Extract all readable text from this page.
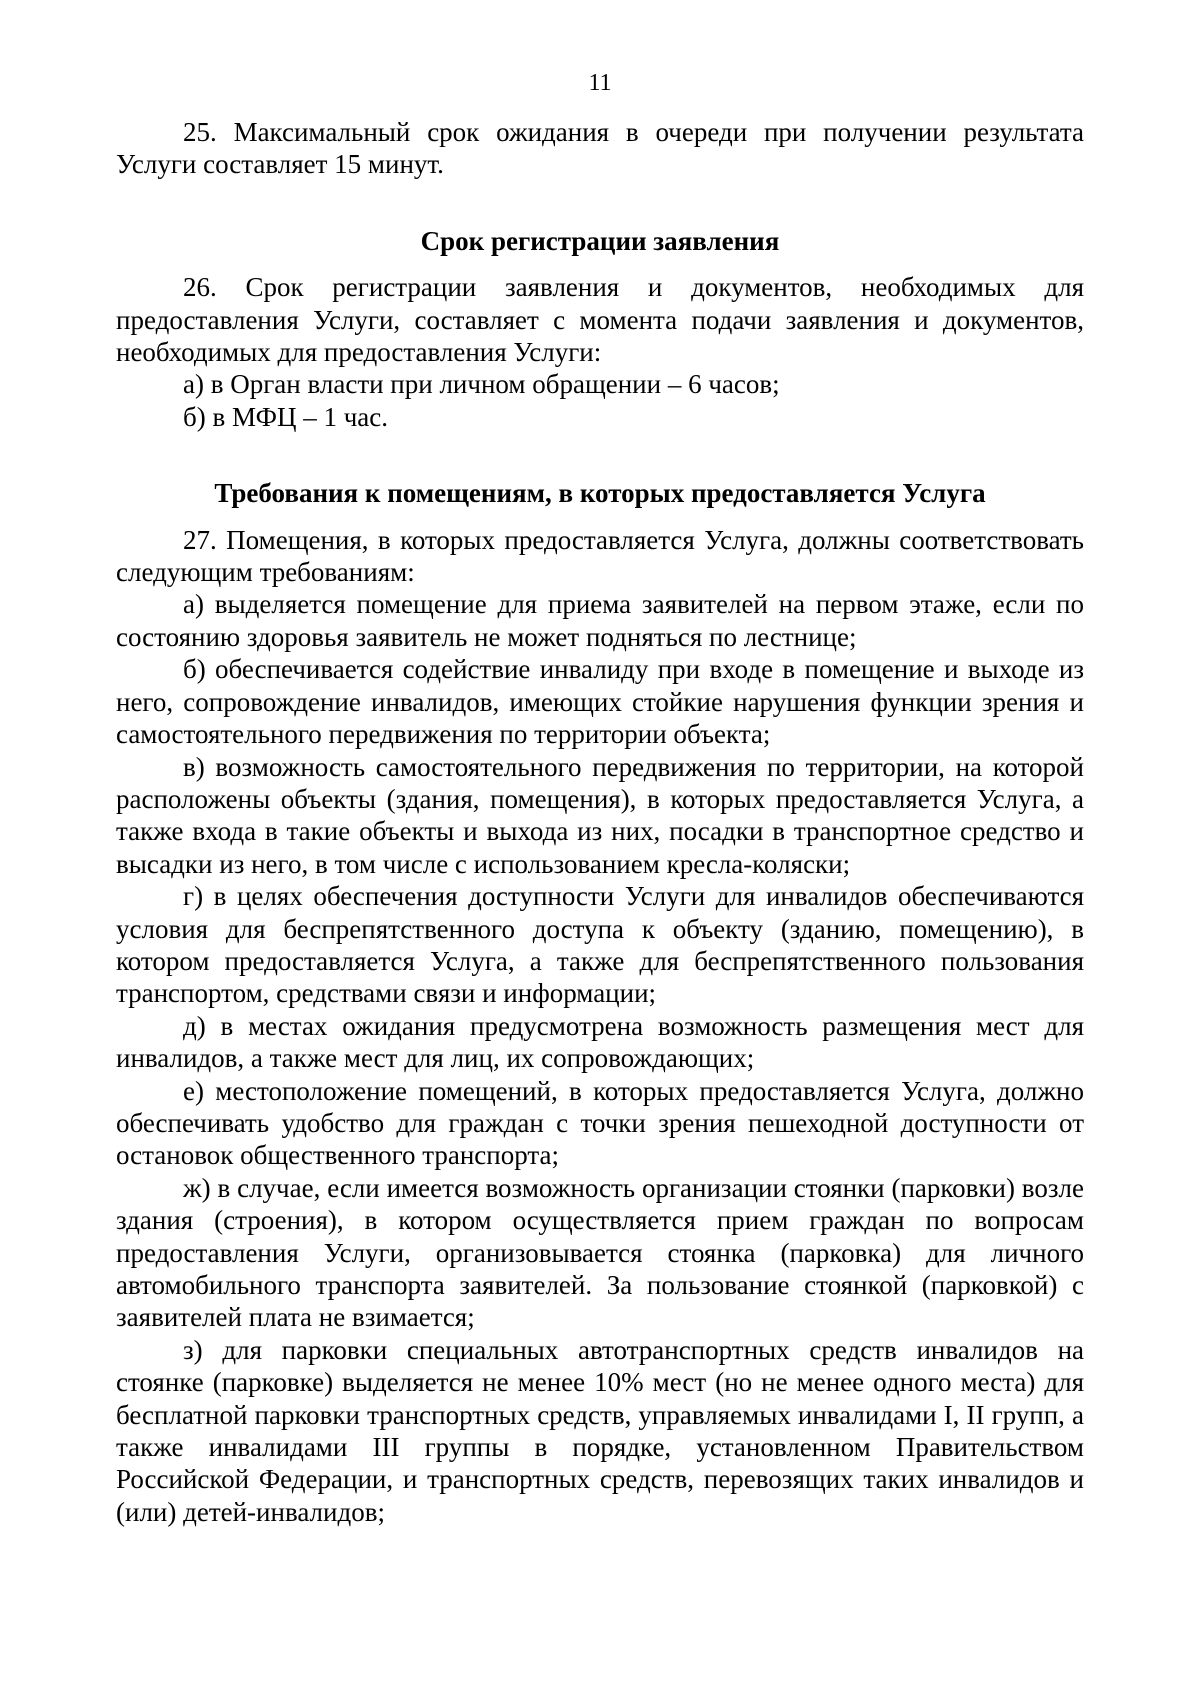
11

25. Максимальный срок ожидания в очереди при получении результата Услуги составляет 15 минут.

Срок регистрации заявления

26. Срок регистрации заявления и документов, необходимых для предоставления Услуги, составляет с момента подачи заявления и документов, необходимых для предоставления Услуги:

а) в Орган власти при личном обращении – 6 часов;

б) в МФЦ – 1 час.

Требования к помещениям, в которых предоставляется Услуга

27. Помещения, в которых предоставляется Услуга, должны соответствовать следующим требованиям:

а) выделяется помещение для приема заявителей на первом этаже, если по состоянию здоровья заявитель не может подняться по лестнице;

б) обеспечивается содействие инвалиду при входе в помещение и выходе из него, сопровождение инвалидов, имеющих стойкие нарушения функции зрения и самостоятельного передвижения по территории объекта;

в) возможность самостоятельного передвижения по территории, на которой расположены объекты (здания, помещения), в которых предоставляется Услуга, а также входа в такие объекты и выхода из них, посадки в транспортное средство и высадки из него, в том числе с использованием кресла-коляски;

г) в целях обеспечения доступности Услуги для инвалидов обеспечиваются условия для беспрепятственного доступа к объекту (зданию, помещению), в котором предоставляется Услуга, а также для беспрепятственного пользования транспортом, средствами связи и информации;

д) в местах ожидания предусмотрена возможность размещения мест для инвалидов, а также мест для лиц, их сопровождающих;

е) местоположение помещений, в которых предоставляется Услуга, должно обеспечивать удобство для граждан с точки зрения пешеходной доступности от остановок общественного транспорта;

ж) в случае, если имеется возможность организации стоянки (парковки) возле здания (строения), в котором осуществляется прием граждан по вопросам предоставления Услуги, организовывается стоянка (парковка) для личного автомобильного транспорта заявителей. За пользование стоянкой (парковкой) с заявителей плата не взимается;

з) для парковки специальных автотранспортных средств инвалидов на стоянке (парковке) выделяется не менее 10% мест (но не менее одного места) для бесплатной парковки транспортных средств, управляемых инвалидами I, II групп, а также инвалидами III группы в порядке, установленном Правительством Российской Федерации, и транспортных средств, перевозящих таких инвалидов и (или) детей-инвалидов;
